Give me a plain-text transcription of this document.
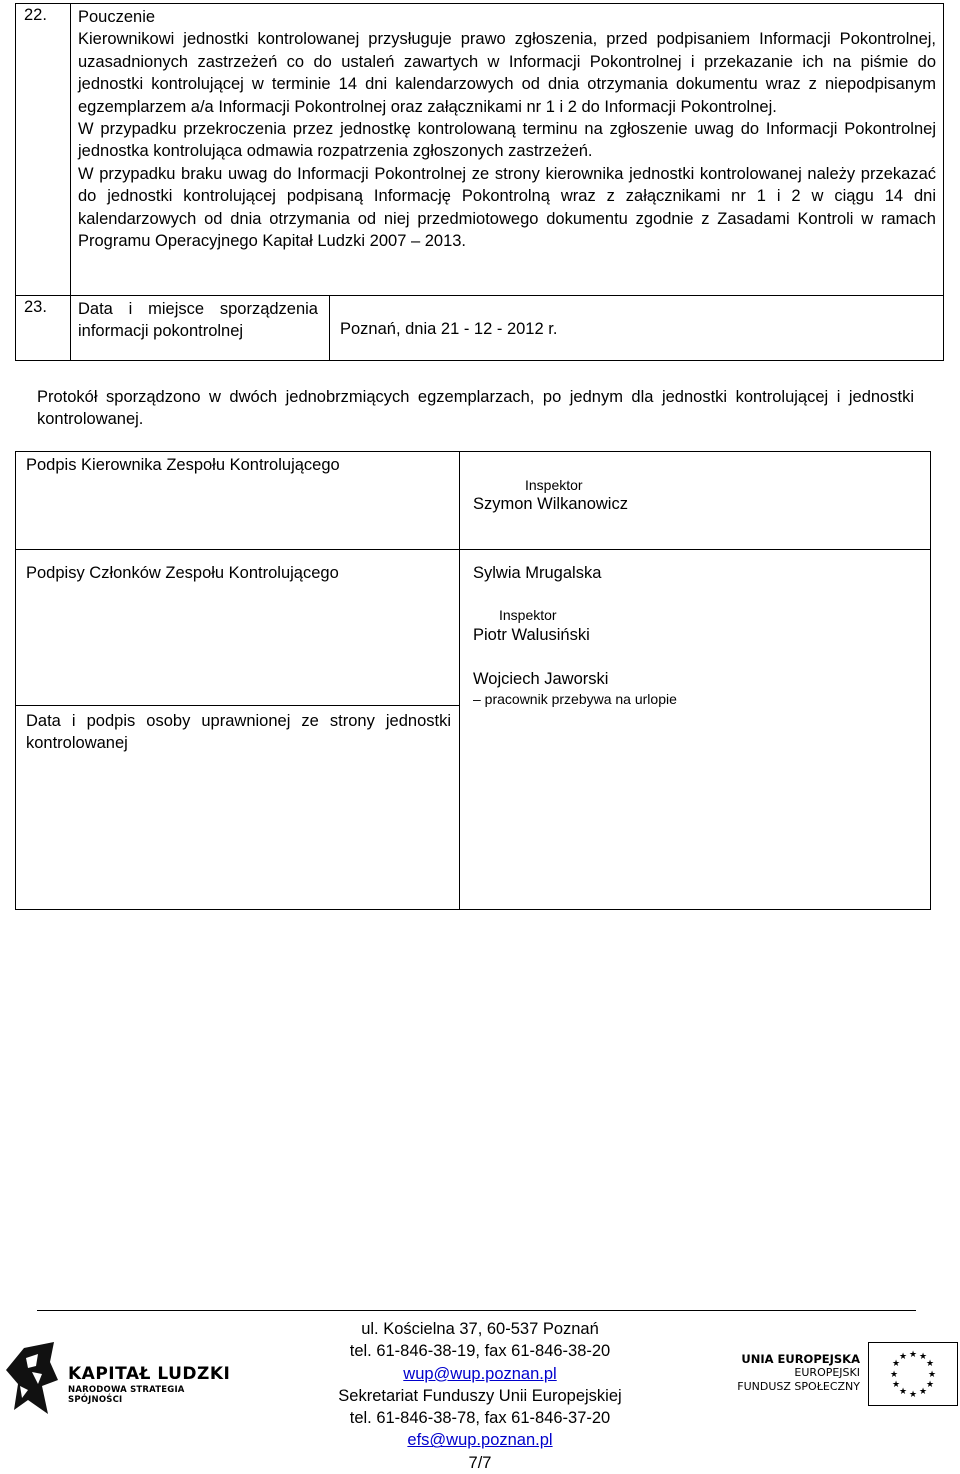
22. Pouczenie
Kierownikowi jednostki kontrolowanej przysługuje prawo zgłoszenia, przed podpisaniem Informacji Pokontrolnej, uzasadnionych zastrzeżeń co do ustaleń zawartych w Informacji Pokontrolnej i przekazanie ich na piśmie do jednostki kontrolującej w terminie 14 dni kalendarzowych od dnia otrzymania dokumentu wraz z niepodpisanym egzemplarzem a/a Informacji Pokontrolnej oraz załącznikami nr 1 i 2 do Informacji Pokontrolnej.
W przypadku przekroczenia przez jednostkę kontrolowaną terminu na zgłoszenie uwag do Informacji Pokontrolnej jednostka kontrolująca odmawia rozpatrzenia zgłoszonych zastrzeżeń.
W przypadku braku uwag do Informacji Pokontrolnej ze strony kierownika jednostki kontrolowanej należy przekazać do jednostki kontrolującej podpisaną Informację Pokontrolną wraz z załącznikami nr 1 i 2 w ciągu 14 dni kalendarzowych od dnia otrzymania od niej przedmiotowego dokumentu zgodnie z Zasadami Kontroli w ramach Programu Operacyjnego Kapitał Ludzki 2007 – 2013.
23. Data i miejsce sporządzenia informacji pokontrolnej	Poznań, dnia 21 - 12 - 2012 r.
Protokół sporządzono w dwóch jednobrzmiących egzemplarzach, po jednym dla jednostki kontrolującej i jednostki kontrolowanej.
Podpis Kierownika Zespołu Kontrolującego
Inspektor
Szymon Wilkanowicz
Podpisy Członków Zespołu Kontrolującego	Sylwia Mrugalska
Inspektor
Piotr Walusiński
Wojciech Jaworski
– pracownik przebywa na urlopie
Data i podpis osoby uprawnionej ze strony jednostki kontrolowanej
ul. Kościelna 37, 60-537 Poznań
tel. 61-846-38-19, fax 61-846-38-20
wup@wup.poznan.pl
Sekretariat Funduszy Unii Europejskiej
tel. 61-846-38-78, fax 61-846-37-20
efs@wup.poznan.pl
7/7
KAPITAŁ LUDZKI
NARODOWA STRATEGIA SPÓJNOŚCI
UNIA EUROPEJSKA
EUROPEJSKI
FUNDUSZ SPOŁECZNY
★ ★
★
★
★
★
★
★
★
★
★
★
